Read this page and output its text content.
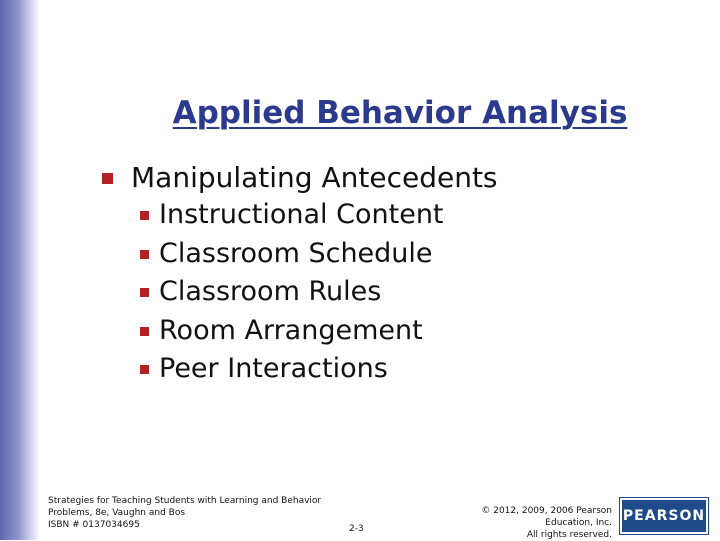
Applied Behavior Analysis
Manipulating Antecedents
Instructional Content
Classroom Schedule
Classroom Rules
Room Arrangement
Peer Interactions
Strategies for Teaching Students with Learning and Behavior
Problems, 8e, Vaughn and Bos
ISBN # 0137034695	2-3
© 2012, 2009, 2006 Pearson
Education, Inc.
All rights reserved.
PEARSON
